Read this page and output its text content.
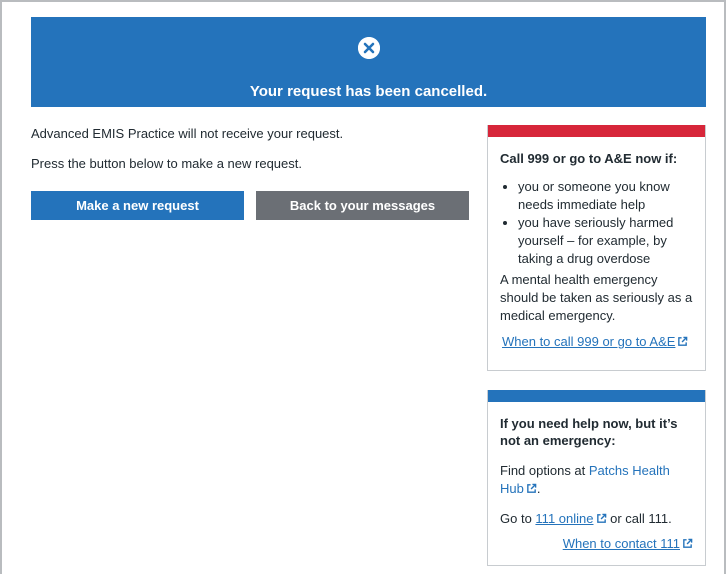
Your request has been cancelled.

Advanced EMIS Practice will not receive your request.

Press the button below to make a new request.

Make a new request	Back to your messages
Call 999 or go to A&E now if:
• you or someone you know needs immediate help
• you have seriously harmed yourself – for example, by taking a drug overdose

A mental health emergency should be taken as seriously as a medical emergency.

When to call 999 or go to A&E
If you need help now, but it’s not an emergency:

Find options at Patchs Health Hub .

Go to 111 online or call 111.

When to contact 111
